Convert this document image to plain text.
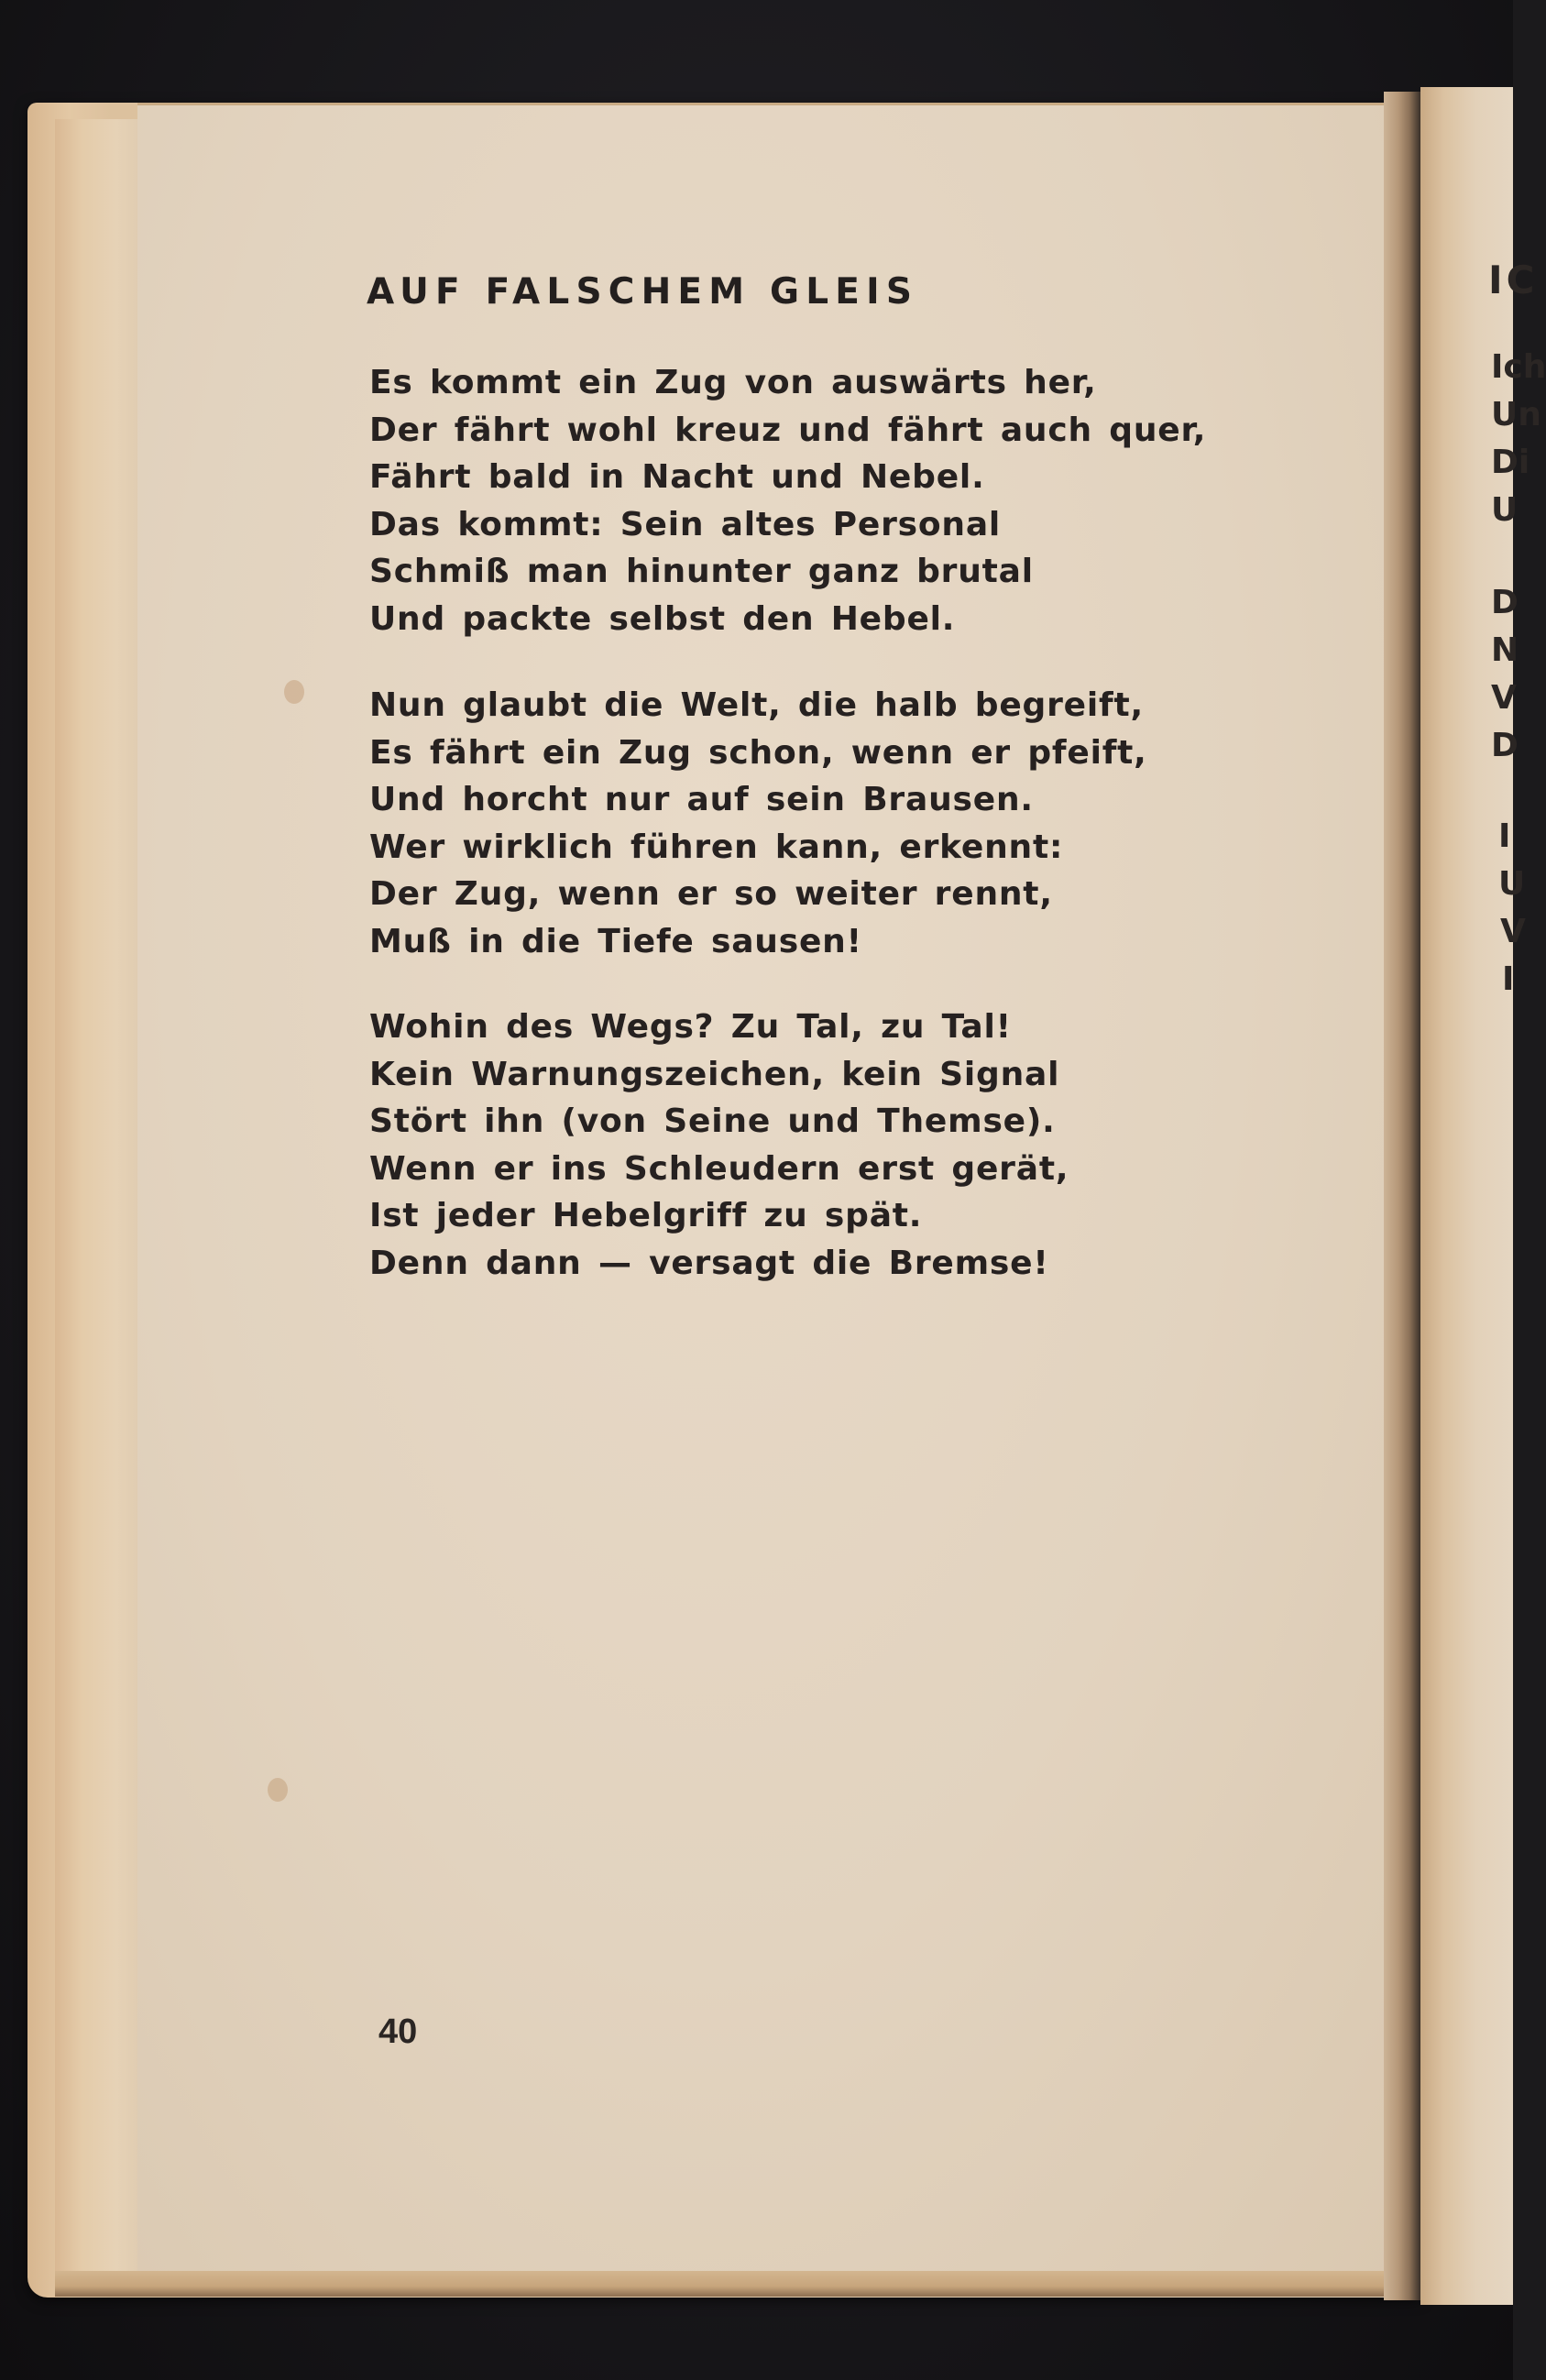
IC
Ich
Un
Di
U
D
N
V
D
I
U
V
I
AUF FALSCHEM GLEIS
Es kommt ein Zug von auswärts her,
Der fährt wohl kreuz und fährt auch quer,
Fährt bald in Nacht und Nebel.
Das kommt: Sein altes Personal
Schmiß man hinunter ganz brutal
Und packte selbst den Hebel.
Nun glaubt die Welt, die halb begreift,
Es fährt ein Zug schon, wenn er pfeift,
Und horcht nur auf sein Brausen.
Wer wirklich führen kann, erkennt:
Der Zug, wenn er so weiter rennt,
Muß in die Tiefe sausen!
Wohin des Wegs? Zu Tal, zu Tal!
Kein Warnungszeichen, kein Signal
Stört ihn (von Seine und Themse).
Wenn er ins Schleudern erst gerät,
Ist jeder Hebelgriff zu spät.
Denn dann — versagt die Bremse!
40
